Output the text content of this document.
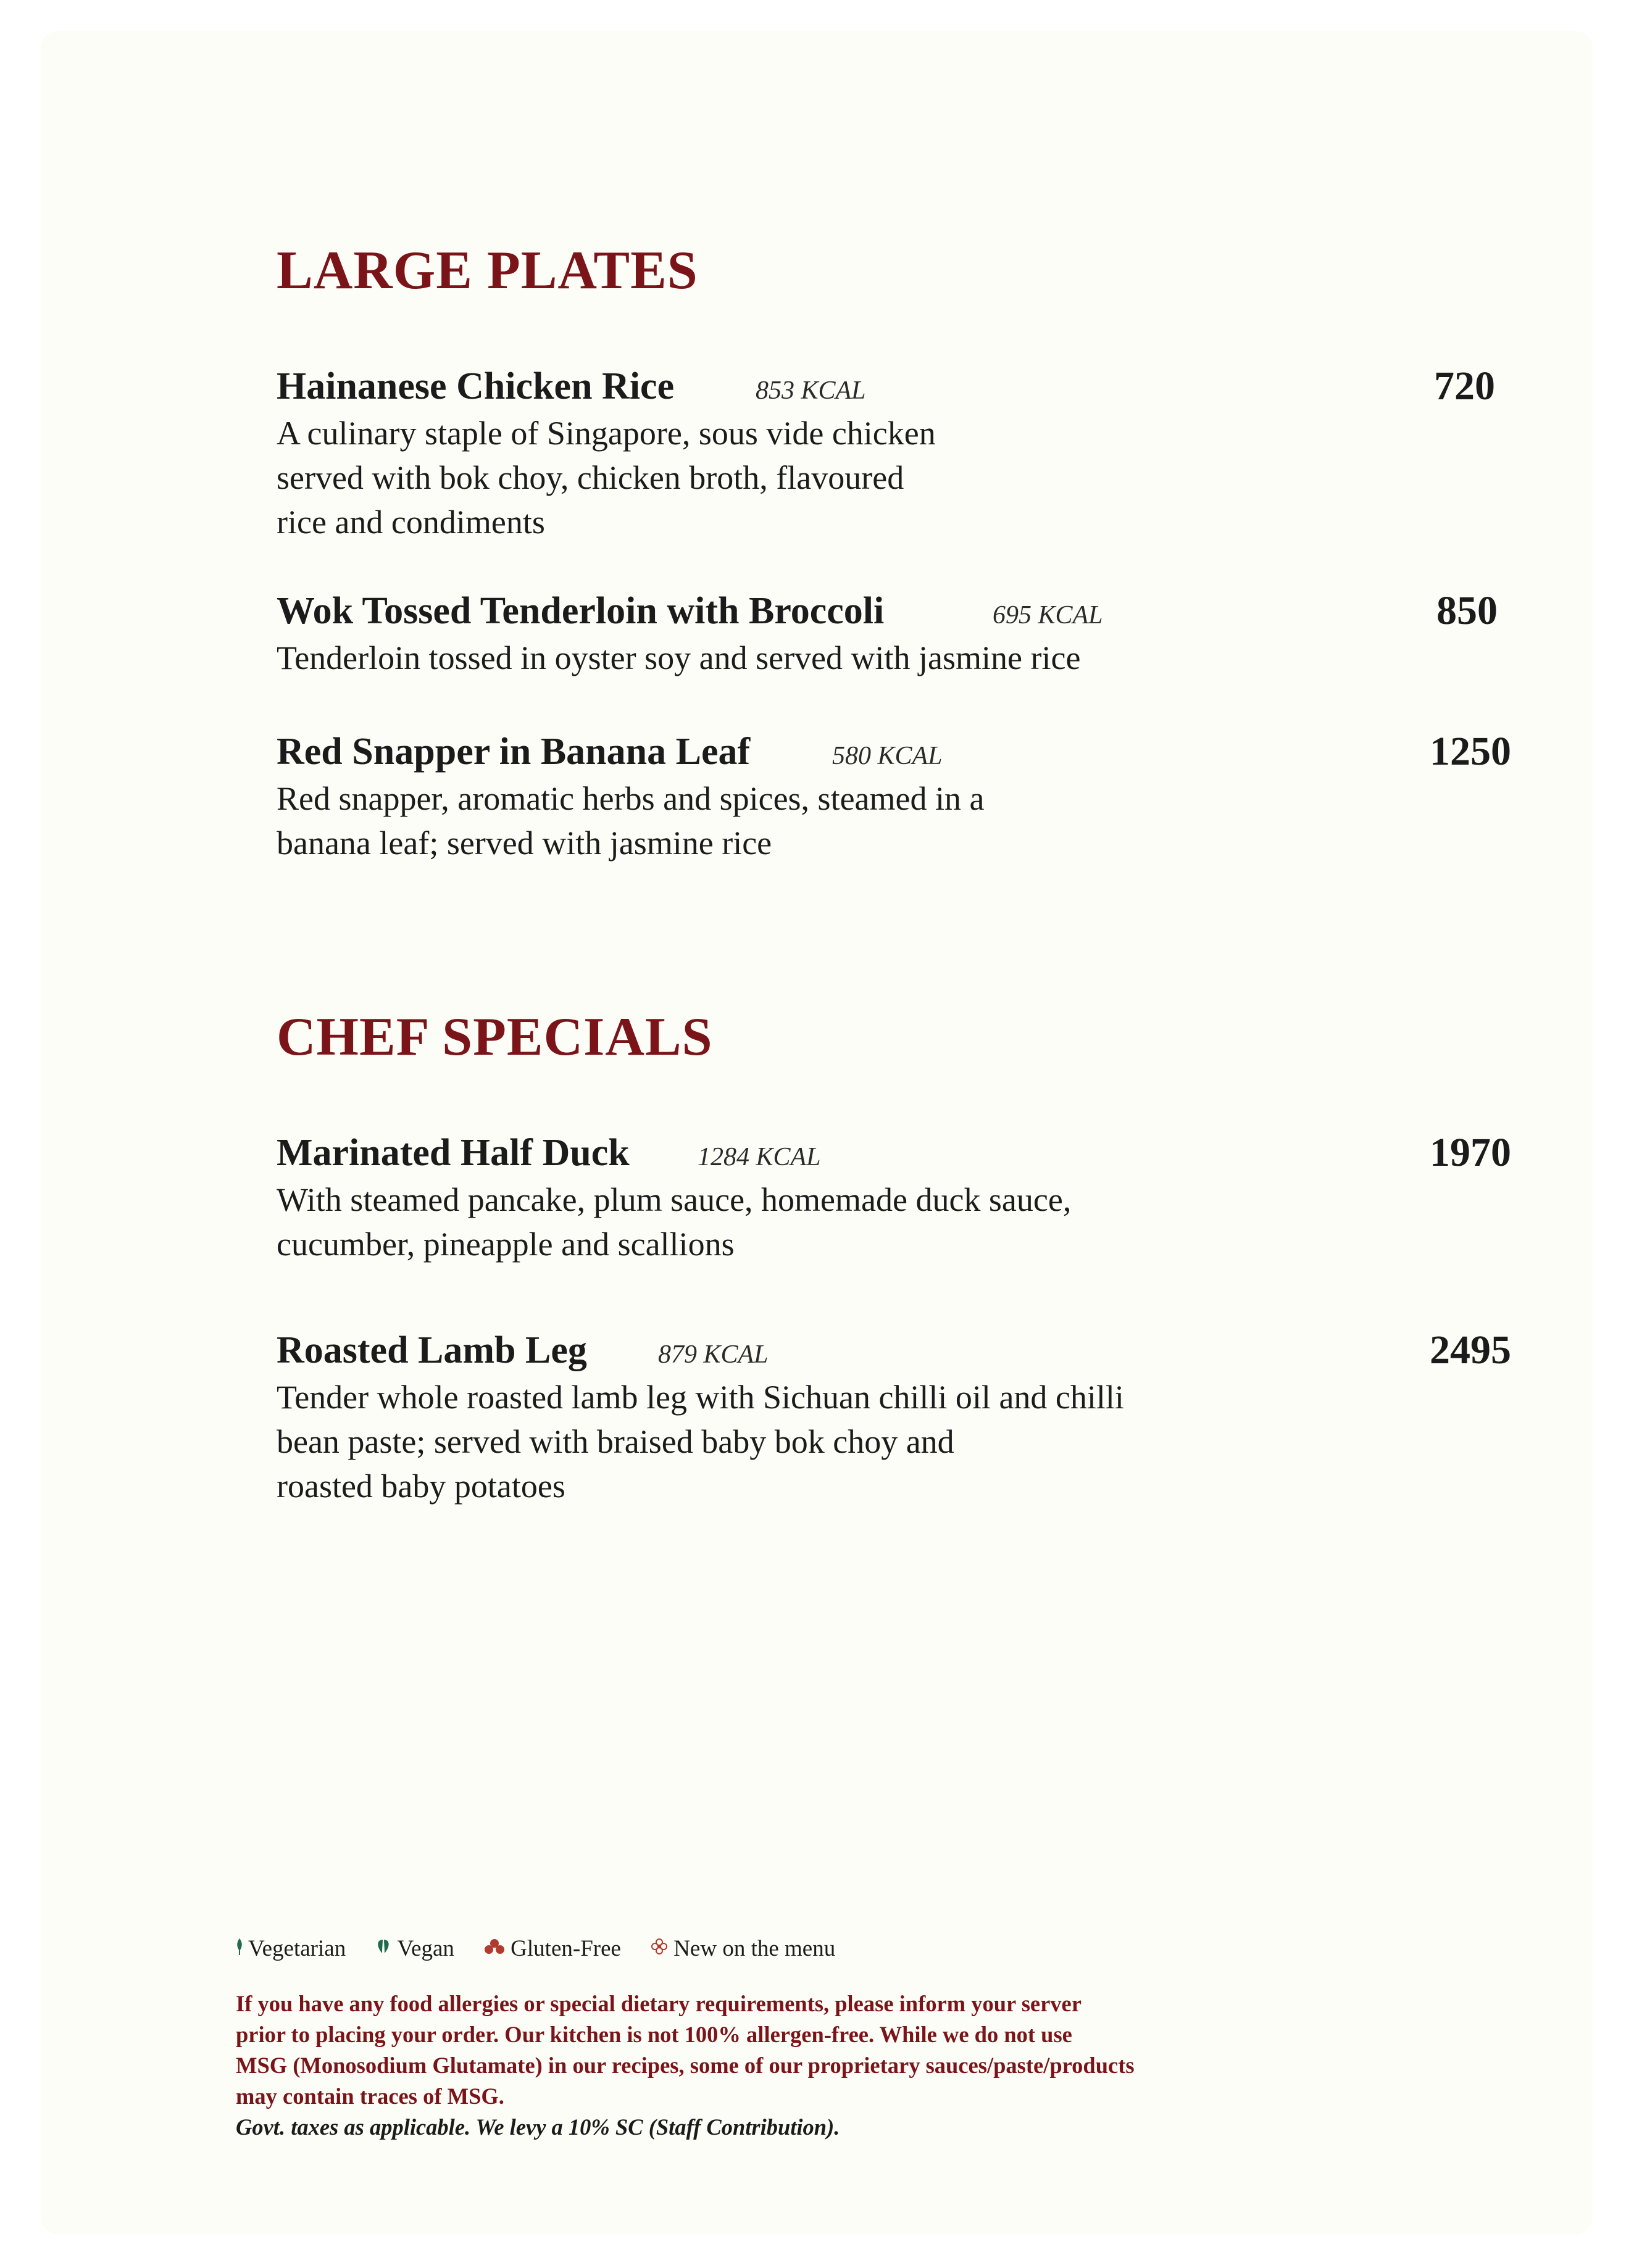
LARGE PLATES
Hainanese Chicken Rice	853 KCAL	720

A culinary staple of Singapore, sous vide chicken
served with bok choy, chicken broth, flavoured
rice and condiments

Wok Tossed Tenderloin with Broccoli	695 KCAL	850

Tenderloin tossed in oyster soy and served with jasmine rice

Red Snapper in Banana Leaf	580 KCAL	1250

Red snapper, aromatic herbs and spices, steamed in a
banana leaf; served with jasmine rice

CHEF SPECIALS
Marinated Half Duck	1284 KCAL	1970

With steamed pancake, plum sauce, homemade duck sauce,
cucumber, pineapple and scallions

Roasted Lamb Leg	879 KCAL	2495

Tender whole roasted lamb leg with Sichuan chilli oil and chilli
bean paste; served with braised baby bok choy and
roasted baby potatoes

Vegetarian Vegan Gluten-Free New on the menu

If you have any food allergies or special dietary requirements, please inform your server
prior to placing your order. Our kitchen is not 100% allergen-free. While we do not use
MSG (Monosodium Glutamate) in our recipes, some of our proprietary sauces/paste/products
may contain traces of MSG.

Govt. taxes as applicable. We levy a 10% SC (Staff Contribution).
